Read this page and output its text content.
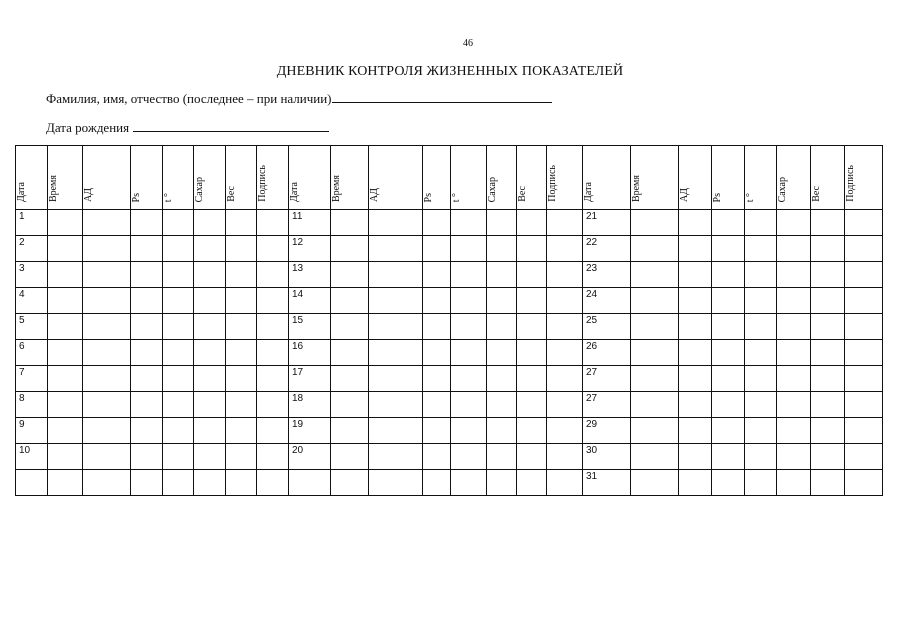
46
ДНЕВНИК КОНТРОЛЯ ЖИЗНЕННЫХ ПОКАЗАТЕЛЕЙ
Фамилия, имя, отчество (последнее – при наличии)
Дата рождения
Дата	Время	АД	Ps	t °	Сахар	Вес	Подпись	Дата	Время	АД	Ps	t °	Сахар	Вес	Подпись	Дата	Время	АД	Ps	t °	Сахар	Вес	Подпись
1								11								21							
2								12								22							
3								13								23							
4								14								24							
5								15								25							
6								16								26							
7								17								27							
8								18								27							
9								19								29							
10								20								30							
																31							
